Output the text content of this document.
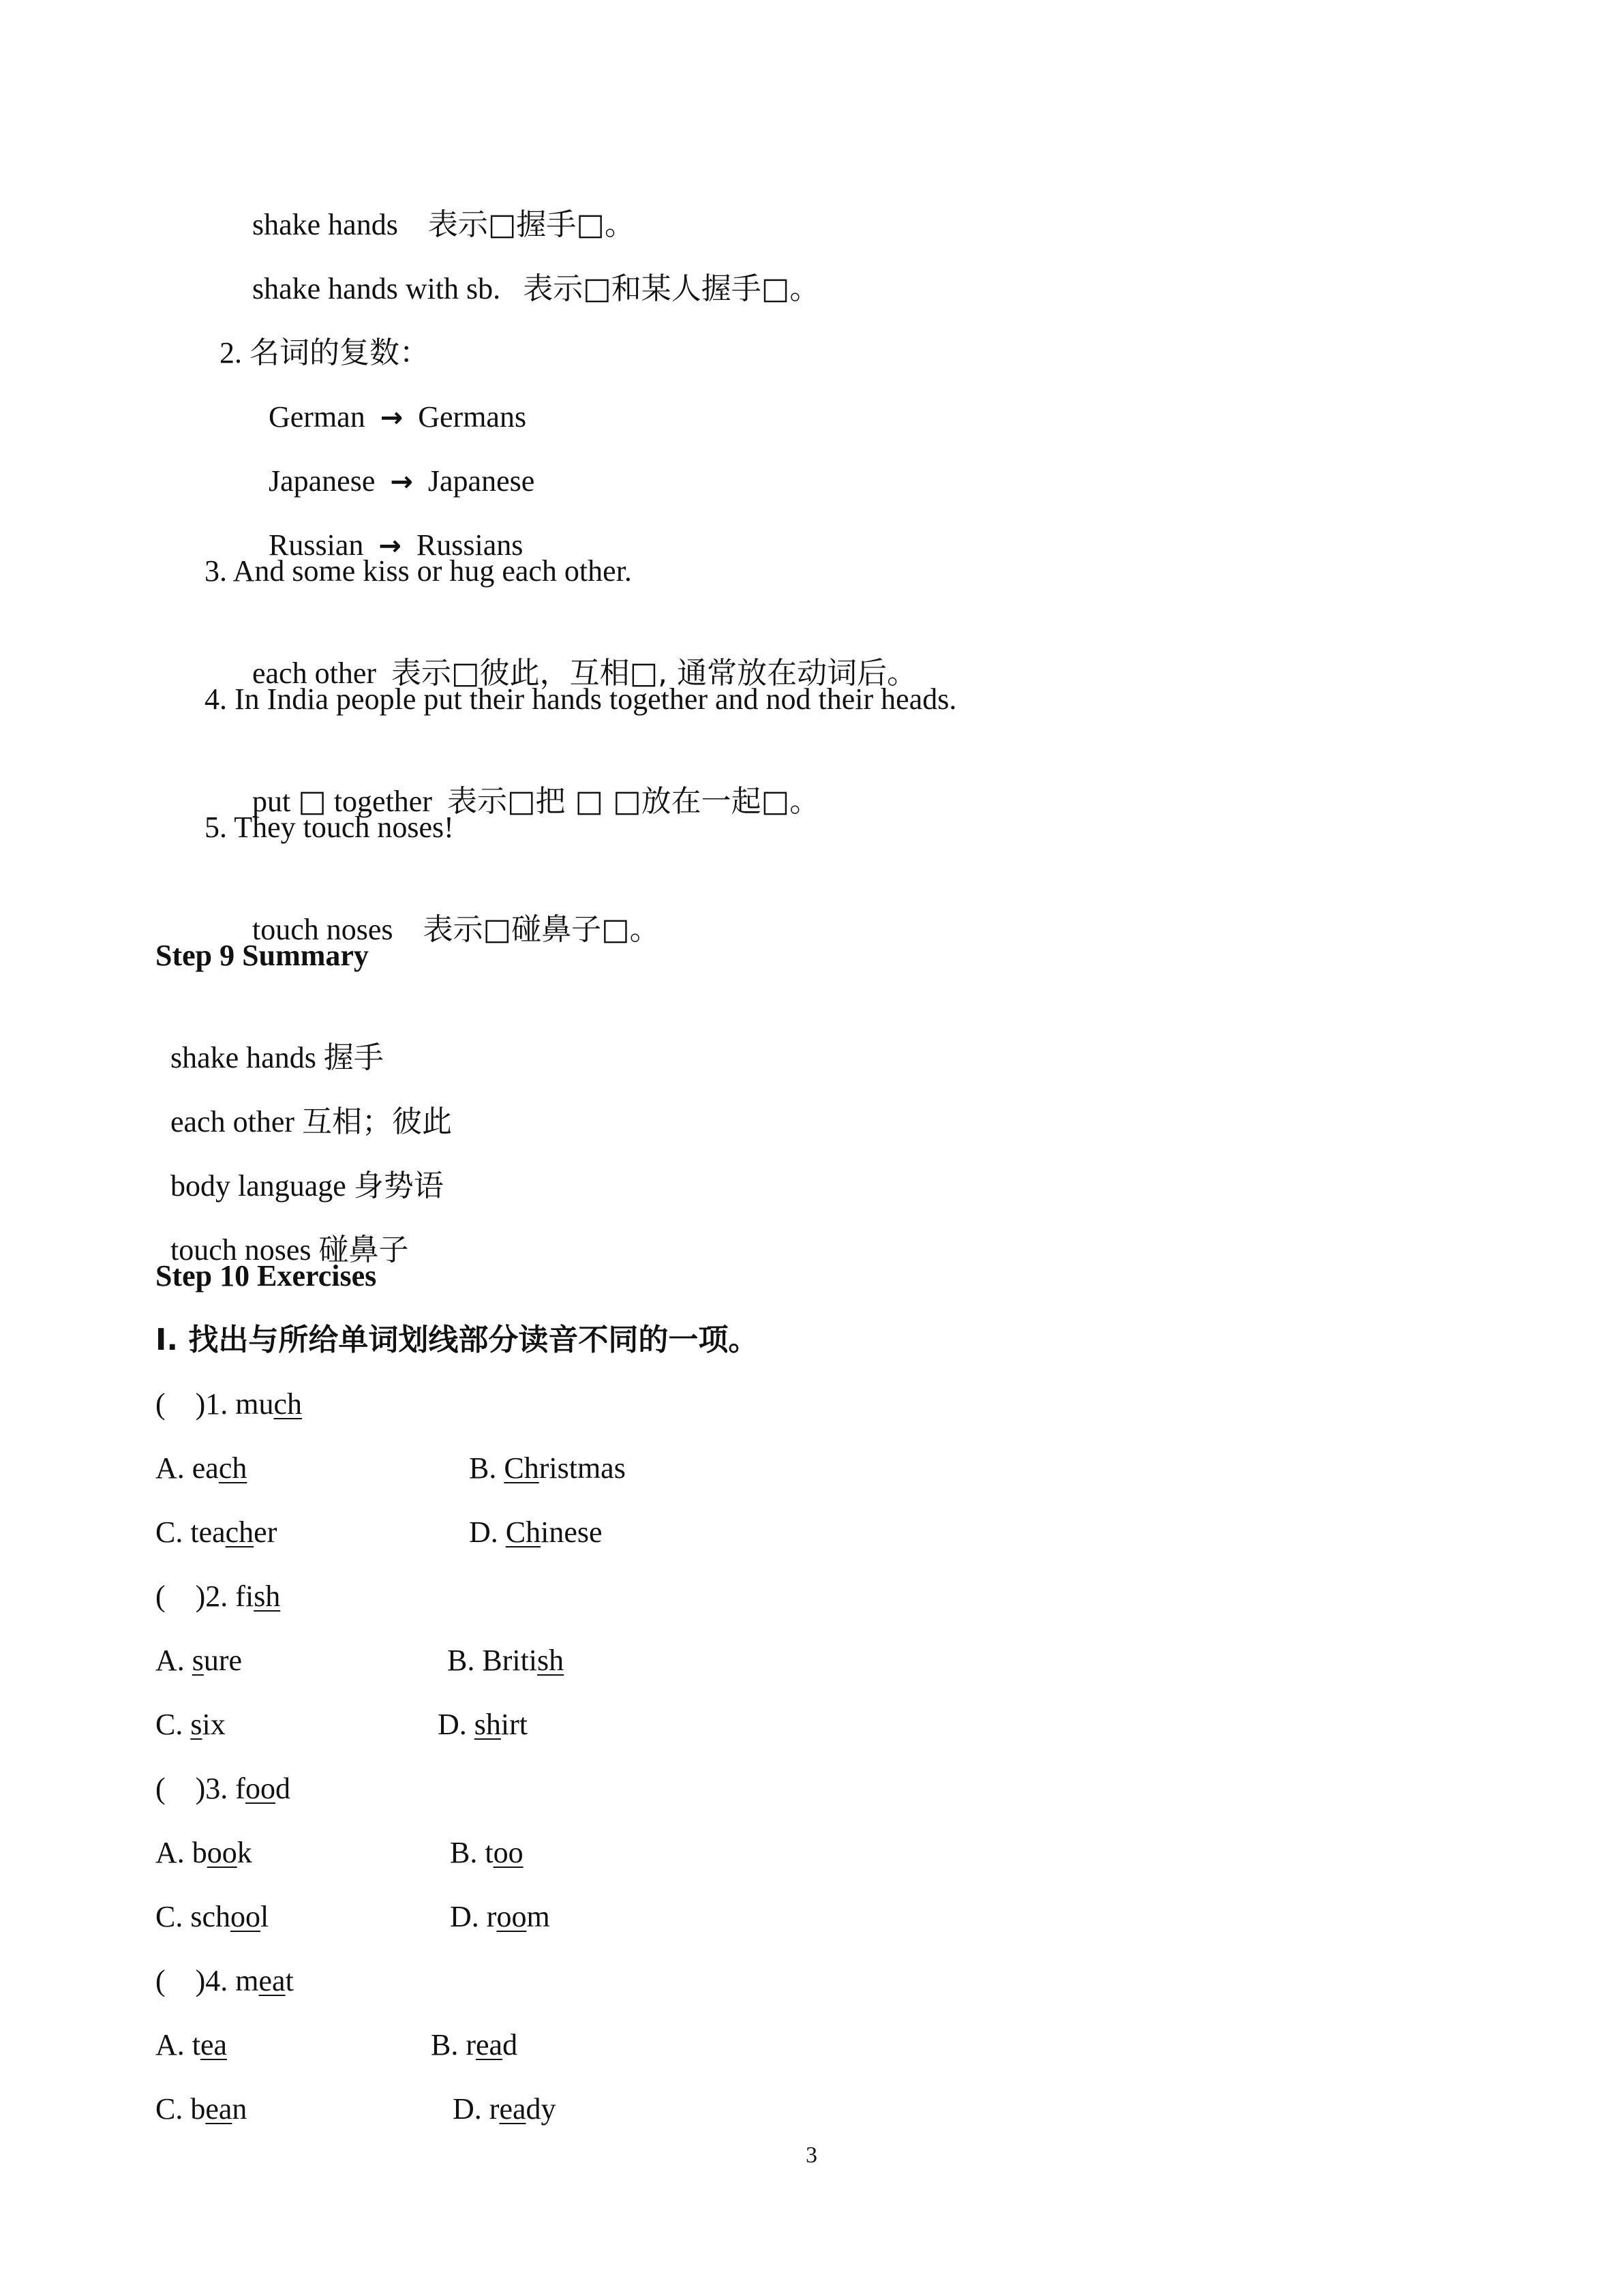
shake hands 表示□握手□。

shake hands with sb. 表示□和某人握手□。

2. 名词的复数：

German → Germans

Japanese → Japanese

Russian → Russians

3. And some kiss or hug each other.

each other 表示□彼此，互相□, 通常放在动词后。

4. In India people put their hands together and nod their heads.

put □ together 表示□把 □ □放在一起□。

5. They touch noses!

touch noses 表示□碰鼻子□。

Step 9 Summary

shake hands 握手

each other 互相；彼此

body language 身势语

touch noses 碰鼻子

Step 10 Exercises
Ⅰ. 找出与所给单词划线部分读音不同的一项。
(    )1. much
A. each	B. Christmas
C. teacher	D. Chinese
(    )2. fish
A. sure	B. British
C. six	D. shirt
(    )3. food
A. book	B. too
C. school	D. room
(    )4. meat
A. tea	B. read
C. bean	D. ready
3
